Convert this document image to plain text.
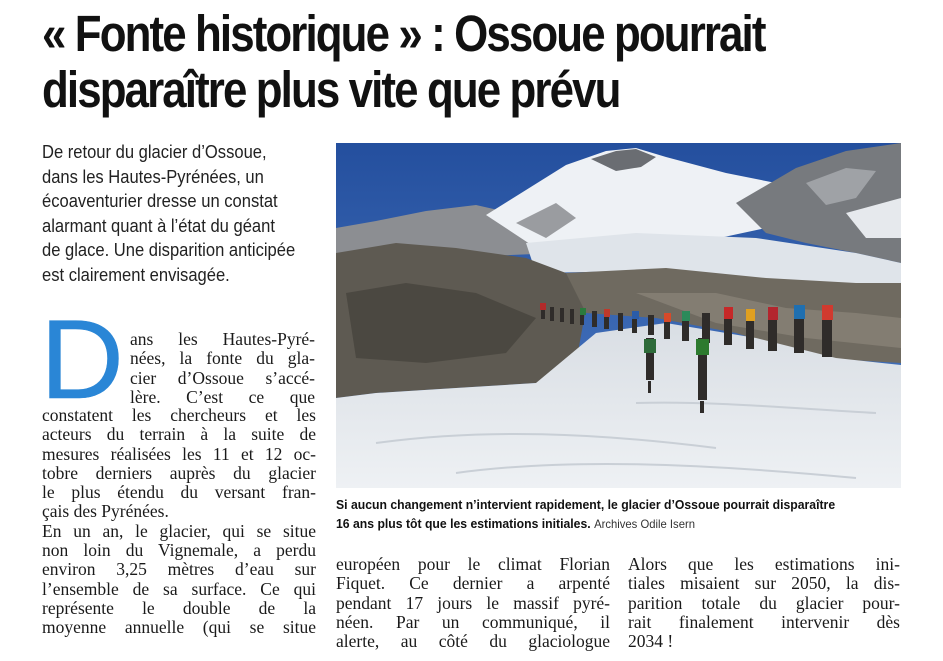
« Fonte historique » : Ossoue pourrait
disparaître plus vite que prévu

De retour du glacier d’Ossoue,
dans les Hautes-Pyrénées, un
écoaventurier dresse un constat
alarmant quant à l’état du géant
de glace. Une disparition anticipée
est clairement envisagée.

D ans les Hautes-Pyré-
nées, la fonte du gla-
cier d’Ossoue s’accé-
lère. C’est ce que

constatent les chercheurs et les
acteurs du terrain à la suite de
mesures réalisées les 11 et 12 oc-
tobre derniers auprès du glacier
le plus étendu du versant fran-
çais des Pyrénées.
En un an, le glacier, qui se situe
non loin du Vignemale, a perdu
environ 3,25 mètres d’eau sur
l’ensemble de sa surface. Ce qui
représente le double de la
moyenne annuelle (qui se situe

Si aucun changement n’intervient rapidement, le glacier d’Ossoue pourrait disparaître
16 ans plus tôt que les estimations initiales. Archives Odile Isern

européen pour le climat Florian
Fiquet. Ce dernier a arpenté
pendant 17 jours le massif pyré-
néen. Par un communiqué, il
alerte, au côté du glaciologue

Alors que les estimations ini-
tiales misaient sur 2050, la dis-
parition totale du glacier pour-
rait finalement intervenir dès
2034 !
